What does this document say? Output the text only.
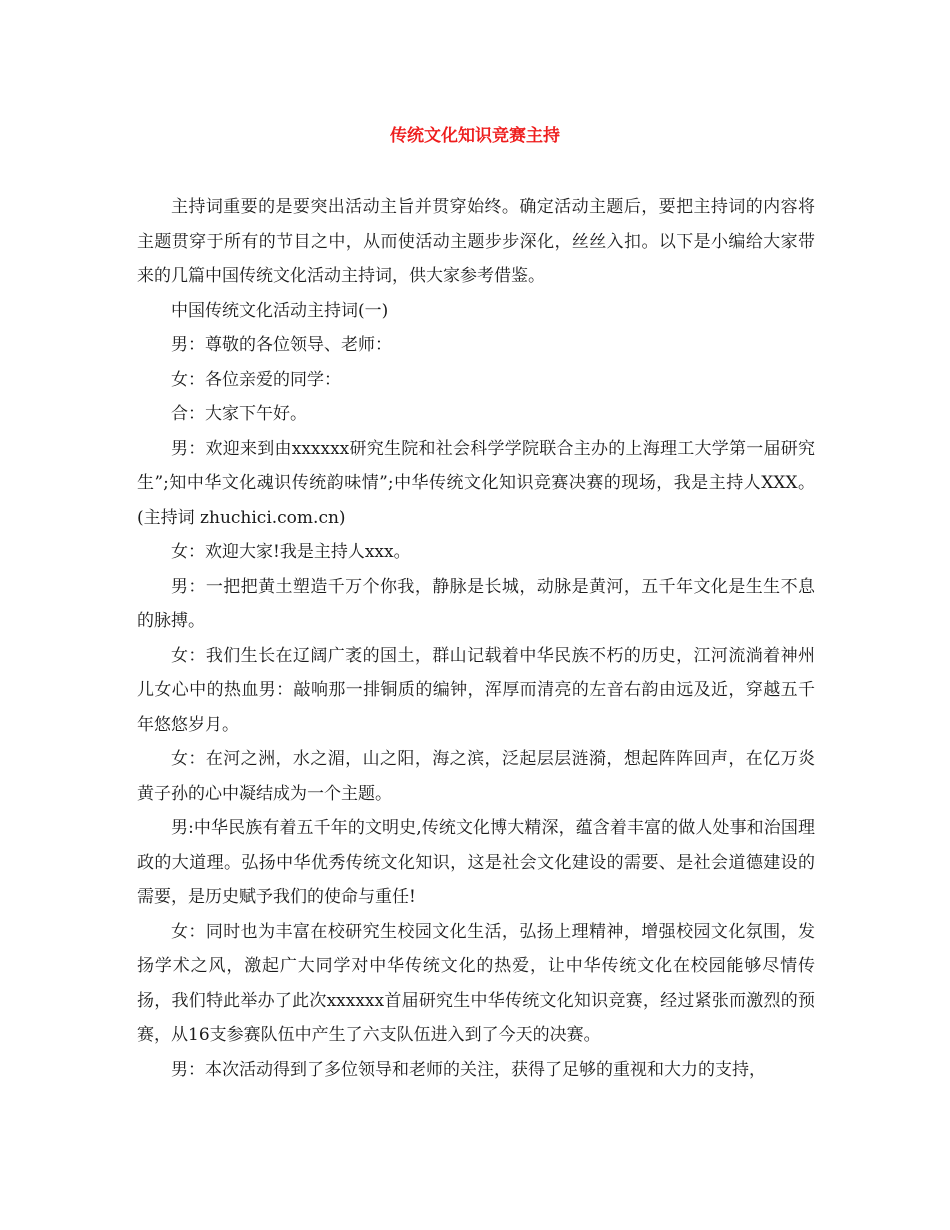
传统文化知识竞赛主持

主持词重要的是要突出活动主旨并贯穿始终。确定活动主题后，要把主持词的内容将主题贯穿于所有的节目之中，从而使活动主题步步深化，丝丝入扣。以下是小编给大家带来的几篇中国传统文化活动主持词，供大家参考借鉴。

中国传统文化活动主持词(一)

男：尊敬的各位领导、老师：

女：各位亲爱的同学：

合：大家下午好。

男：欢迎来到由xxxxxx研究生院和社会科学学院联合主办的上海理工大学第一届研究生”;知中华文化魂识传统韵味情”;中华传统文化知识竞赛决赛的现场，我是主持人XXX。 (主持词 zhuchici.com.cn)

女：欢迎大家!我是主持人xxx。

男：一把把黄土塑造千万个你我，静脉是长城，动脉是黄河，五千年文化是生生不息的脉搏。

女：我们生长在辽阔广袤的国土，群山记载着中华民族不朽的历史，江河流淌着神州儿女心中的热血男：敲响那一排铜质的编钟，浑厚而清亮的左音右韵由远及近，穿越五千年悠悠岁月。

女：在河之洲，水之湄，山之阳，海之滨，泛起层层涟漪，想起阵阵回声，在亿万炎黄子孙的心中凝结成为一个主题。

男:中华民族有着五千年的文明史,传统文化博大精深，蕴含着丰富的做人处事和治国理政的大道理。弘扬中华优秀传统文化知识，这是社会文化建设的需要、是社会道德建设的需要，是历史赋予我们的使命与重任!

女：同时也为丰富在校研究生校园文化生活，弘扬上理精神，增强校园文化氛围，发扬学术之风，激起广大同学对中华传统文化的热爱，让中华传统文化在校园能够尽情传扬，我们特此举办了此次xxxxxx首届研究生中华传统文化知识竞赛，经过紧张而激烈的预赛，从16支参赛队伍中产生了六支队伍进入到了今天的决赛。

男：本次活动得到了多位领导和老师的关注，获得了足够的重视和大力的支持，
